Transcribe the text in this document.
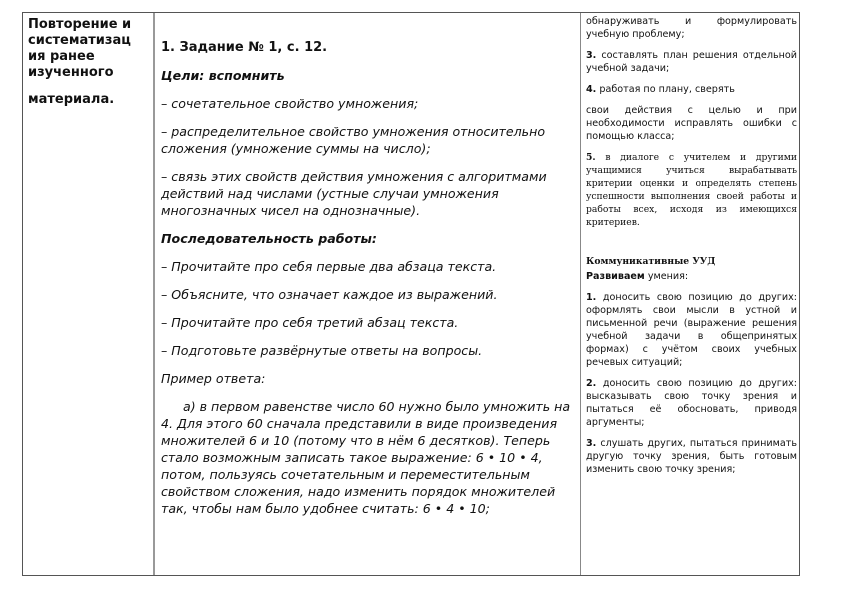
Повторение и систематизац ия ранее изученного
материала.

1. Задание № 1, с. 12.

Цели: вспомнить

– сочетательное свойство умножения;

– распределительное свойство умножения относительно сложения (умножение суммы на число);

– связь этих свойств действия умножения с алгоритмами действий над числами (устные случаи умножения многозначных чисел на однозначные).

Последовательность работы:

– Прочитайте про себя первые два абзаца текста.

– Объясните, что означает каждое из выражений.

– Прочитайте про себя третий абзац текста.

– Подготовьте развёрнутые ответы на вопросы.

Пример ответа:

а) в первом равенстве число 60 нужно было умножить на 4. Для этого 60 сначала представили в виде произведения множителей 6 и 10 (потому что в нём 6 десятков). Теперь стало возможным записать такое выражение: 6 • 10 • 4, потом, пользуясь сочетательным и переместительным свойством сложения, надо изменить порядок множителей так, чтобы нам было удобнее считать: 6 • 4 • 10;

обнаруживать и формулировать учебную проблему;

3. составлять план решения отдельной учебной задачи;

4. работая по плану, сверять

свои действия с целью и при необходимости исправлять ошибки с помощью класса;

5. в диалоге с учителем и другими учащимися учиться вырабатывать критерии оценки и определять степень успешности выполнения своей работы и работы всех, исходя из имеющихся критериев.

Коммуникативные УУД

Развиваем умения:

1. доносить свою позицию до других: оформлять свои мысли в устной и письменной речи (выражение решения учебной задачи в общепринятых формах) с учётом своих учебных речевых ситуаций;

2. доносить свою позицию до других: высказывать свою точку зрения и пытаться её обосновать, приводя аргументы;

3. слушать других, пытаться принимать другую точку зрения, быть готовым изменить свою точку зрения;
